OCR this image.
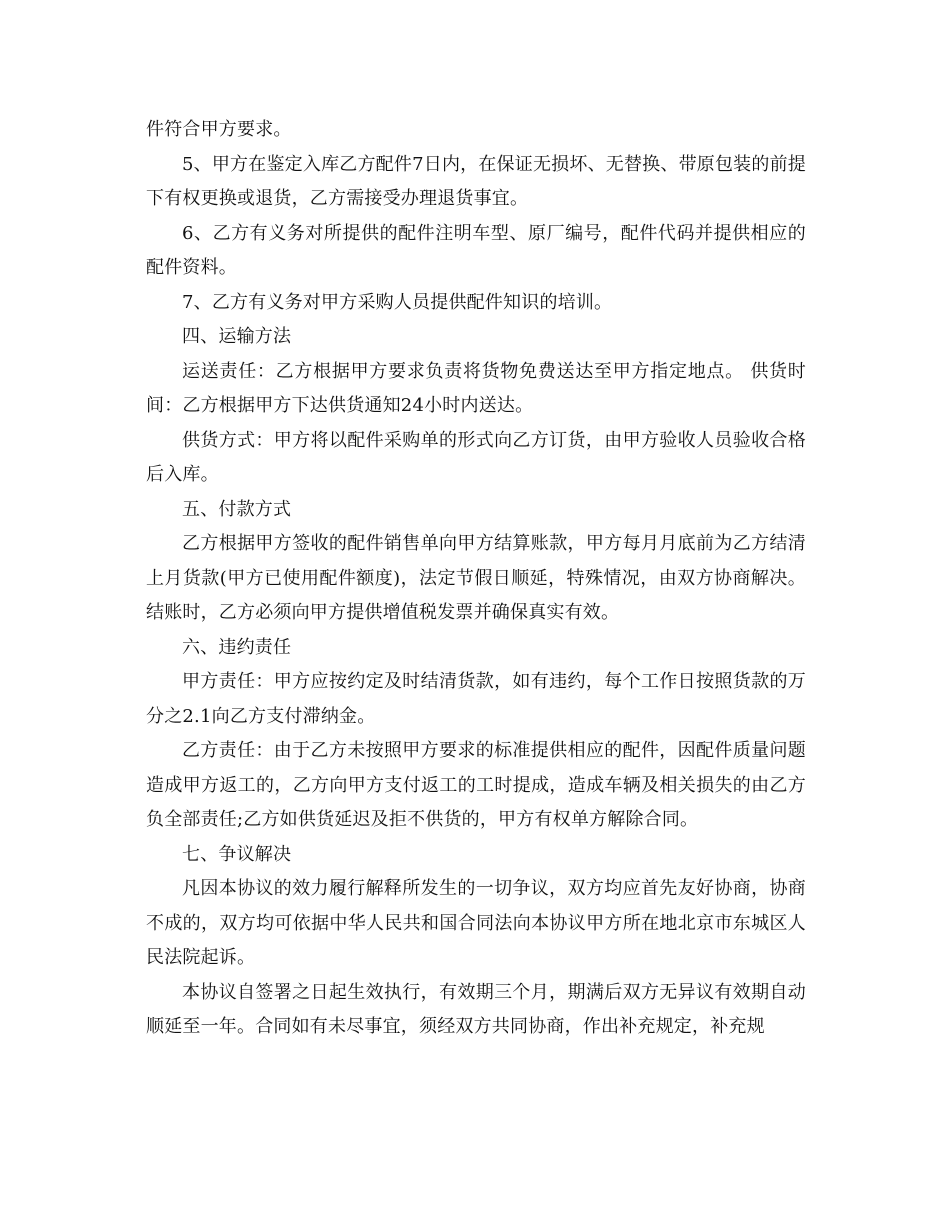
件符合甲方要求。

5、甲方在鉴定入库乙方配件7日内，在保证无损坏、无替换、带原包装的前提下有权更换或退货，乙方需接受办理退货事宜。

6、乙方有义务对所提供的配件注明车型、原厂编号，配件代码并提供相应的配件资料。

7、乙方有义务对甲方采购人员提供配件知识的培训。

四、运输方法

运送责任：乙方根据甲方要求负责将货物免费送达至甲方指定地点。 供货时间：乙方根据甲方下达供货通知24小时内送达。

供货方式：甲方将以配件采购单的形式向乙方订货，由甲方验收人员验收合格后入库。

五、付款方式

乙方根据甲方签收的配件销售单向甲方结算账款，甲方每月月底前为乙方结清上月货款(甲方已使用配件额度)，法定节假日顺延，特殊情况，由双方协商解决。结账时，乙方必须向甲方提供增值税发票并确保真实有效。

六、违约责任

甲方责任：甲方应按约定及时结清货款，如有违约，每个工作日按照货款的万分之2.1向乙方支付滞纳金。

乙方责任：由于乙方未按照甲方要求的标准提供相应的配件，因配件质量问题造成甲方返工的，乙方向甲方支付返工的工时提成，造成车辆及相关损失的由乙方负全部责任;乙方如供货延迟及拒不供货的，甲方有权单方解除合同。

七、争议解决

凡因本协议的效力履行解释所发生的一切争议，双方均应首先友好协商，协商不成的，双方均可依据中华人民共和国合同法向本协议甲方所在地北京市东城区人民法院起诉。

本协议自签署之日起生效执行，有效期三个月，期满后双方无异议有效期自动顺延至一年。合同如有未尽事宜，须经双方共同协商，作出补充规定，补充规
